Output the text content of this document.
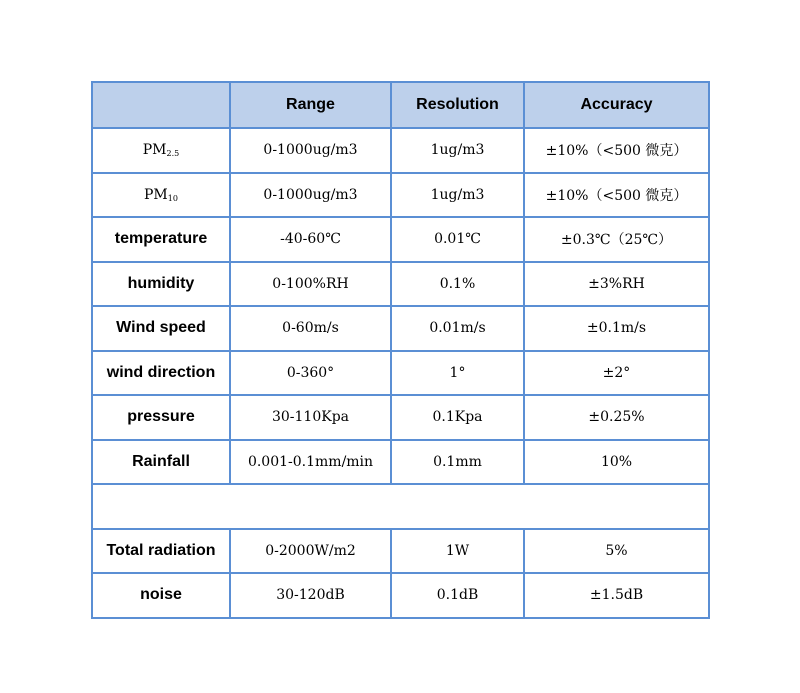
	Range	Resolution	Accuracy
$PM_{2.5}$	0-1000ug/m3	1ug/m3	±10%（<500 微克）
$PM_{10}$	0-1000ug/m3	1ug/m3	±10%（<500 微克）
temperature	-40-60℃	0.01℃	±0.3℃（25℃）
humidity	0-100%RH	0.1%	±3%RH
Wind speed	0-60m/s	0.01m/s	±0.1m/s
wind direction	0-360°	1°	±2°
pressure	30-110Kpa	0.1Kpa	±0.25%
Rainfall	0.001-0.1mm/min	0.1mm	10%

Total radiation	0-2000W/m2	1W	5%
noise	30-120dB	0.1dB	±1.5dB
